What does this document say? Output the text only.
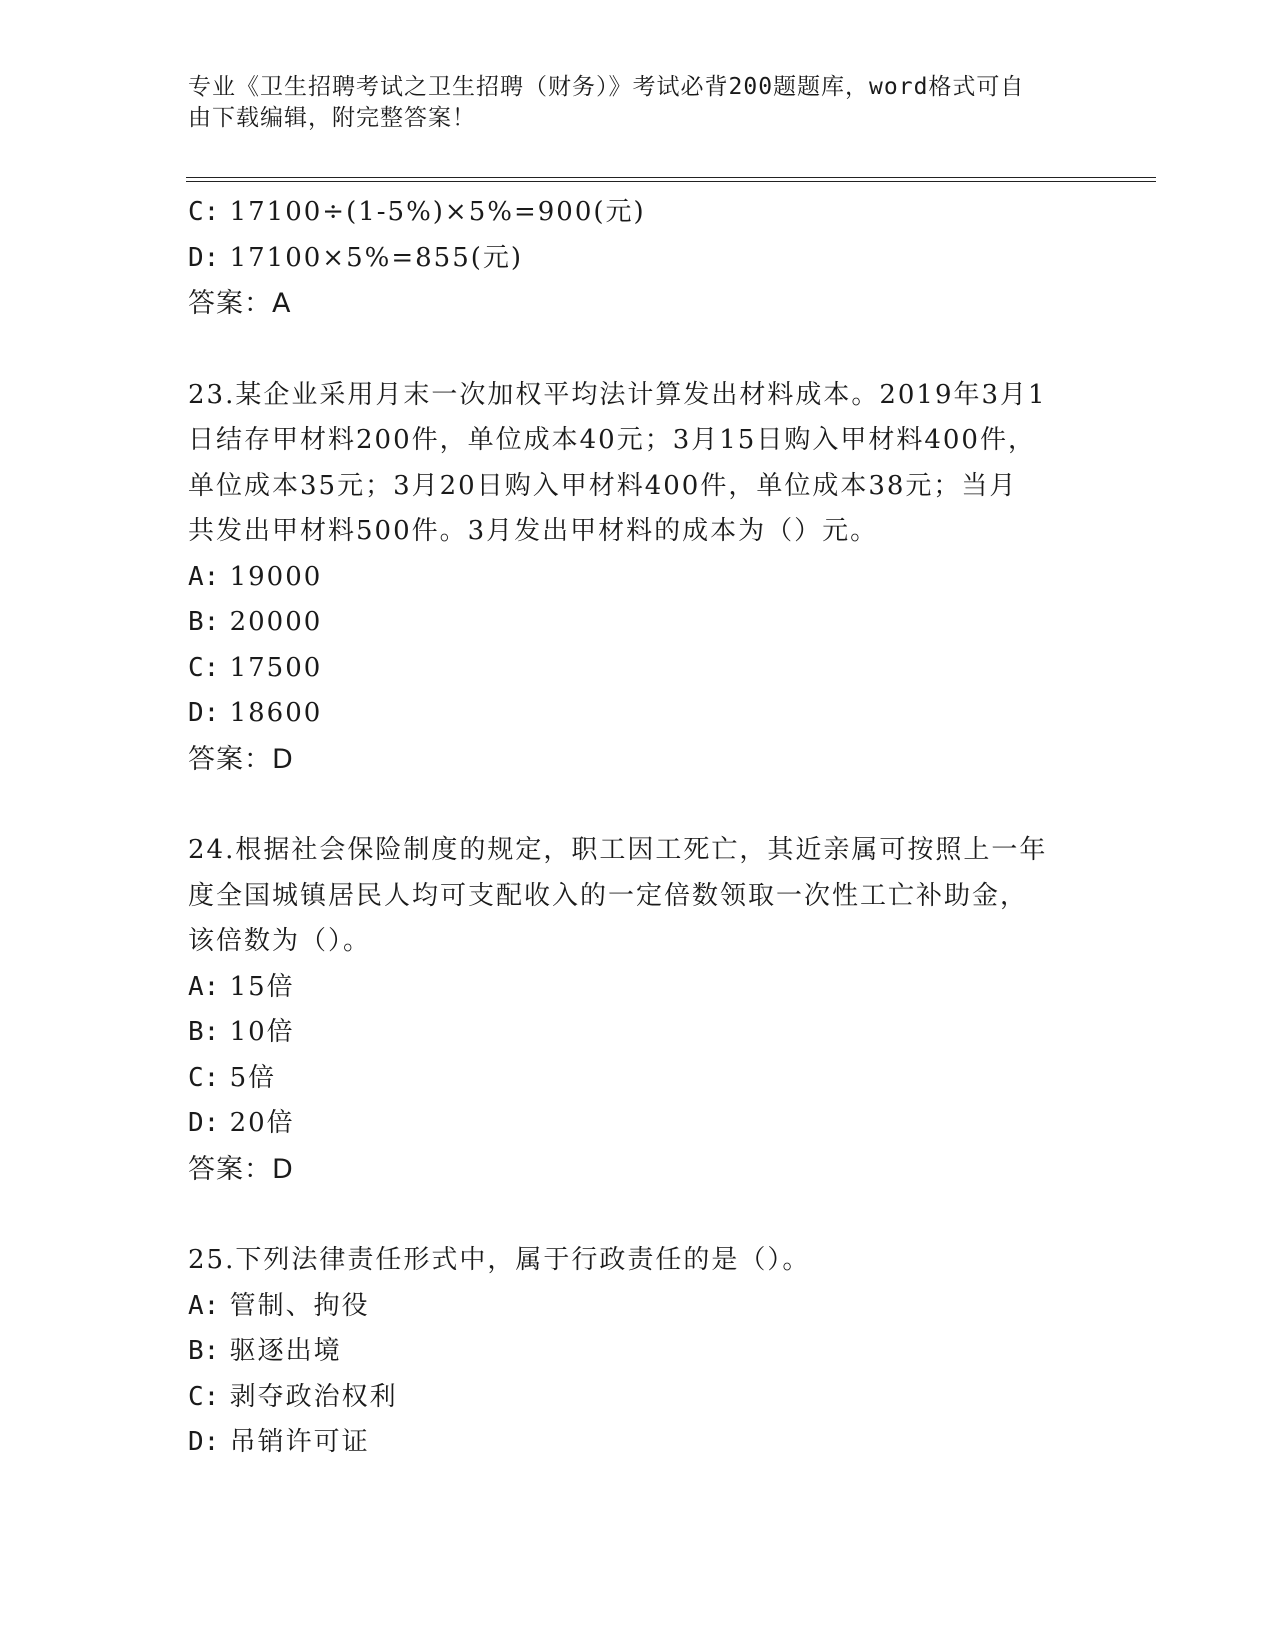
专业《卫生招聘考试之卫生招聘（财务）》考试必背200题题库，word格式可自
由下载编辑，附完整答案！
C: 17100÷(1-5%)×5%=900(元)
D: 17100×5%=855(元)
答案：A
23.某企业采用月末一次加权平均法计算发出材料成本。2019年3月1
日结存甲材料200件，单位成本40元；3月15日购入甲材料400件，
单位成本35元；3月20日购入甲材料400件，单位成本38元；当月
共发出甲材料500件。3月发出甲材料的成本为（）元。
A: 19000
B: 20000
C: 17500
D: 18600
答案：D
24.根据社会保险制度的规定，职工因工死亡，其近亲属可按照上一年
度全国城镇居民人均可支配收入的一定倍数领取一次性工亡补助金，
该倍数为（）。
A: 15倍
B: 10倍
C: 5倍
D: 20倍
答案：D
25.下列法律责任形式中，属于行政责任的是（）。
A: 管制、拘役
B: 驱逐出境
C: 剥夺政治权利
D: 吊销许可证
